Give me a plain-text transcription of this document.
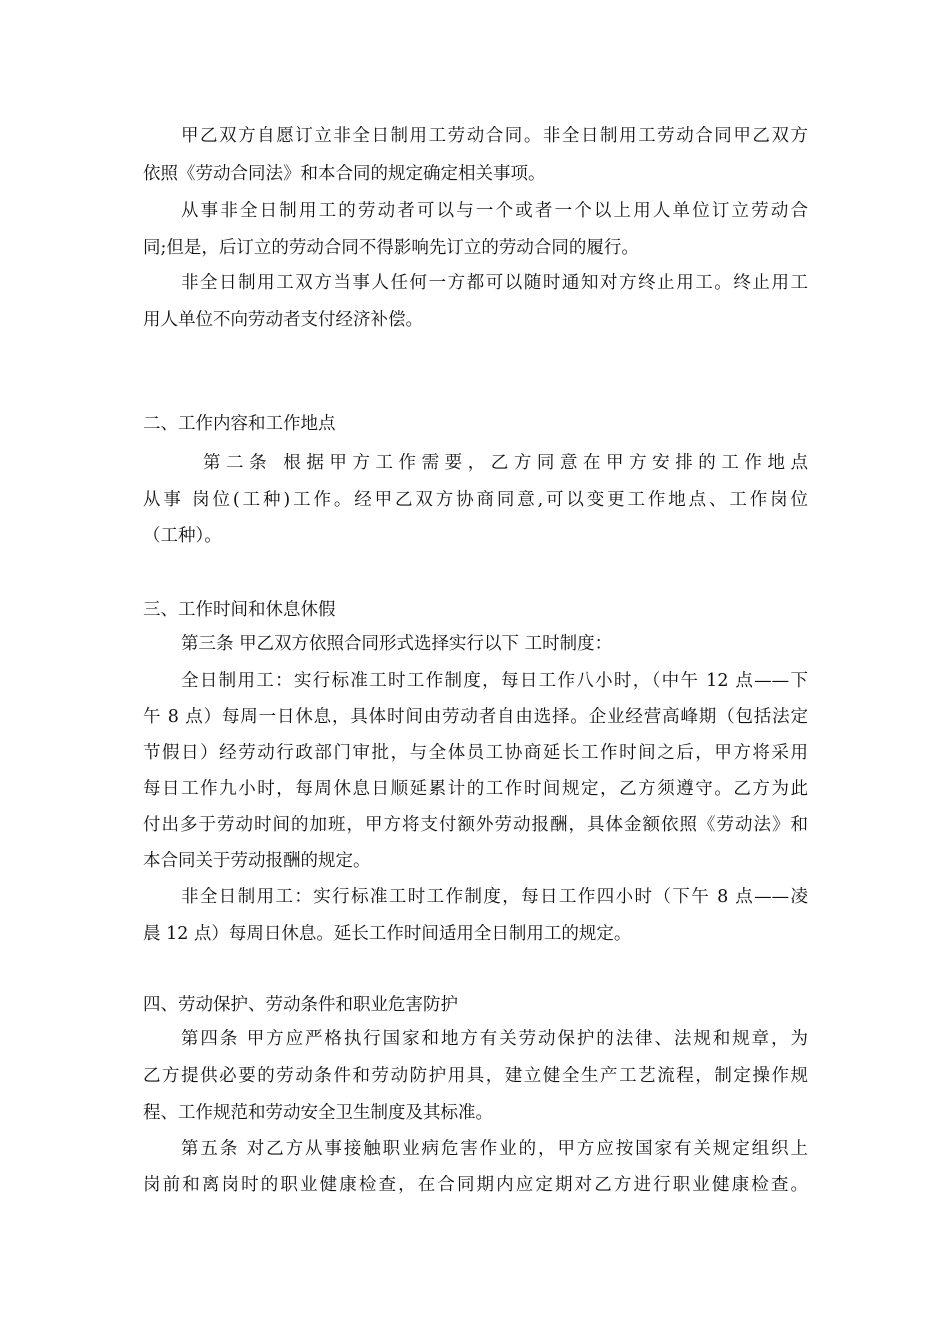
甲乙双方自愿订立非全日制用工劳动合同。非全日制用工劳动合同甲乙双方
依照《劳动合同法》和本合同的规定确定相关事项。
从事非全日制用工的劳动者可以与一个或者一个以上用人单位订立劳动合
同;但是，后订立的劳动合同不得影响先订立的劳动合同的履行。
非全日制用工双方当事人任何一方都可以随时通知对方终止用工。终止用工
用人单位不向劳动者支付经济补偿。
二、工作内容和工作地点
第二条 根据甲方工作需要，乙方同意在甲方安排的工作地点
从事 岗位(工种)工作。经甲乙双方协商同意,可以变更工作地点、工作岗位
（工种）。
三、工作时间和休息休假
第三条 甲乙双方依照合同形式选择实行以下 工时制度：
全日制用工：实行标准工时工作制度，每日工作八小时，（中午 12 点——下
午 8 点）每周一日休息，具体时间由劳动者自由选择。企业经营高峰期（包括法定
节假日）经劳动行政部门审批，与全体员工协商延长工作时间之后，甲方将采用
每日工作九小时，每周休息日顺延累计的工作时间规定，乙方须遵守。乙方为此
付出多于劳动时间的加班，甲方将支付额外劳动报酬，具体金额依照《劳动法》和
本合同关于劳动报酬的规定。
非全日制用工：实行标准工时工作制度，每日工作四小时（下午 8 点——凌
晨 12 点）每周日休息。延长工作时间适用全日制用工的规定。
四、劳动保护、劳动条件和职业危害防护
第四条 甲方应严格执行国家和地方有关劳动保护的法律、法规和规章，为
乙方提供必要的劳动条件和劳动防护用具，建立健全生产工艺流程，制定操作规
程、工作规范和劳动安全卫生制度及其标准。
第五条 对乙方从事接触职业病危害作业的，甲方应按国家有关规定组织上
岗前和离岗时的职业健康检查，在合同期内应定期对乙方进行职业健康检查。
